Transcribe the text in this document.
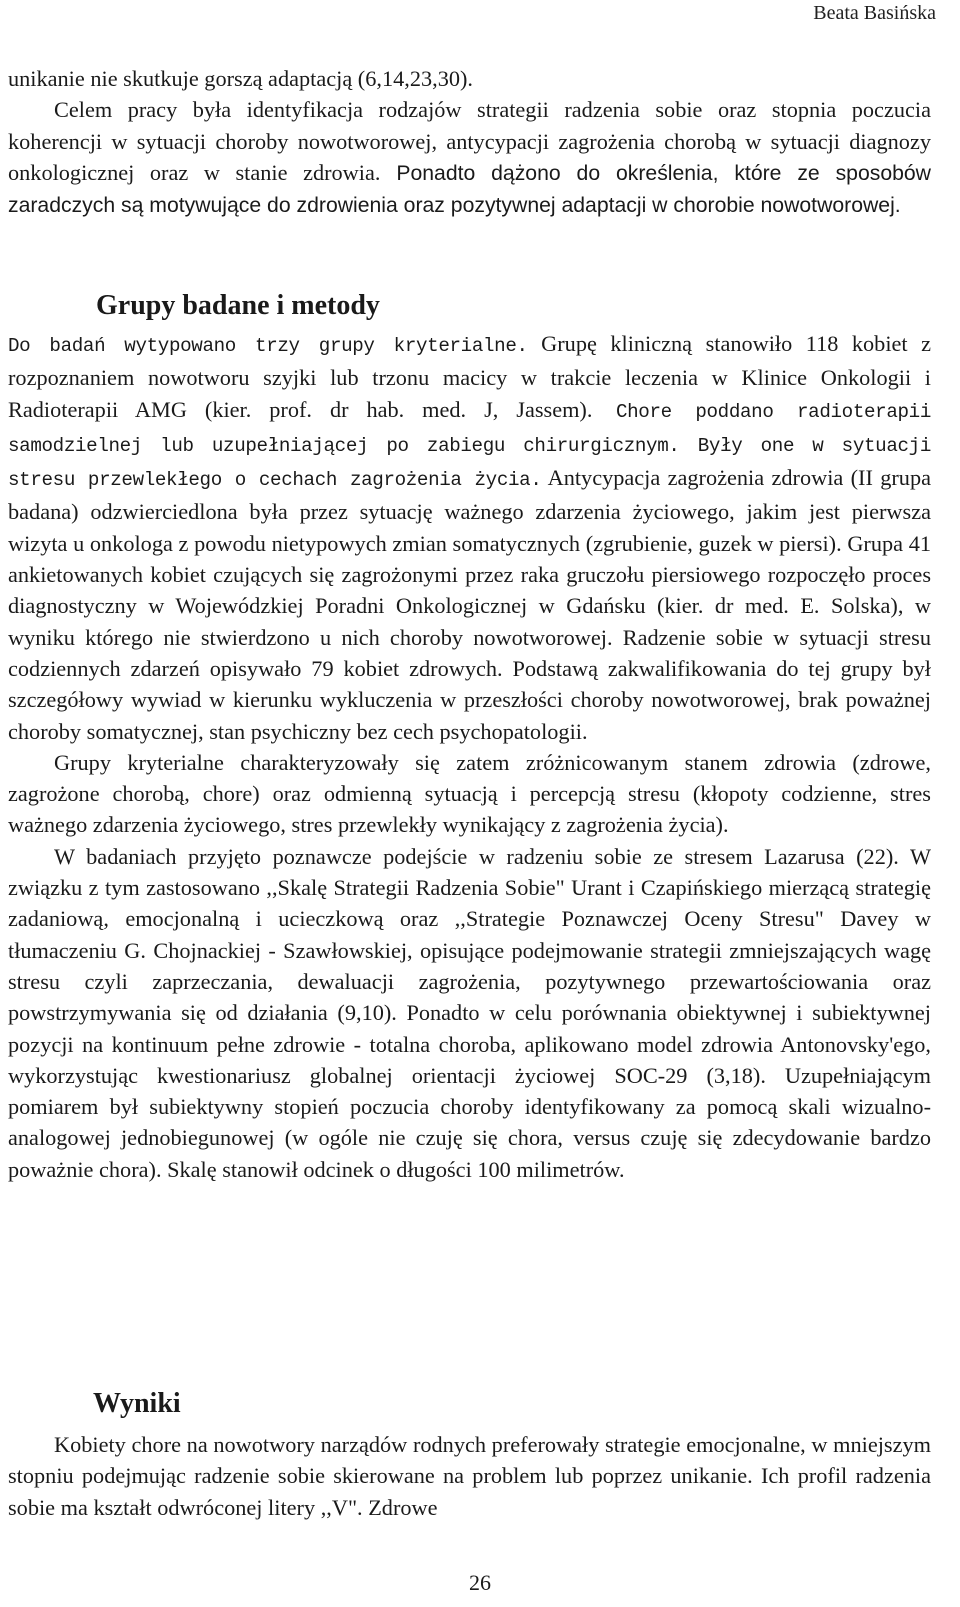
Beata Basińska

unikanie nie skutkuje gorszą adaptacją (6,14,23,30).

Celem pracy była identyfikacja rodzajów strategii radzenia sobie oraz stopnia poczucia koherencji w sytuacji choroby nowotworowej, antycypacji zagrożenia chorobą w sytuacji diagnozy onkologicznej oraz w stanie zdrowia. Ponadto dążono do określenia, które ze sposobów zaradczych są motywujące do zdrowienia oraz pozytywnej adaptacji w chorobie nowotworowej.

Grupy badane i metody

Do badań wytypowano trzy grupy kryterialne. Grupę kliniczną stanowiło 118 kobiet z rozpoznaniem nowotworu szyjki lub trzonu macicy w trakcie leczenia w Klinice Onkologii i Radioterapii AMG (kier. prof. dr hab. med. J, Jassem). Chore poddano radioterapii samodzielnej lub uzupełniającej po zabiegu chirurgicznym. Były one w sytuacji stresu przewlekłego o cechach zagrożenia życia. Antycypacja zagrożenia zdrowia (II grupa badana) odzwierciedlona była przez sytuację ważnego zdarzenia życiowego, jakim jest pierwsza wizyta u onkologa z powodu nietypowych zmian somatycznych (zgrubienie, guzek w piersi). Grupa 41 ankietowanych kobiet czujących się zagrożonymi przez raka gruczołu piersiowego rozpoczęło proces diagnostyczny w Wojewódzkiej Poradni Onkologicznej w Gdańsku (kier. dr med. E. Solska), w wyniku którego nie stwierdzono u nich choroby nowotworowej. Radzenie sobie w sytuacji stresu codziennych zdarzeń opisywało 79 kobiet zdrowych. Podstawą zakwalifikowania do tej grupy był szczegółowy wywiad w kierunku wykluczenia w przeszłości choroby nowotworowej, brak poważnej choroby somatycznej, stan psychiczny bez cech psychopatologii.

Grupy kryterialne charakteryzowały się zatem zróżnicowanym stanem zdrowia (zdrowe, zagrożone chorobą, chore) oraz odmienną sytuacją i percepcją stresu (kłopoty codzienne, stres ważnego zdarzenia życiowego, stres przewlekły wynikający z zagrożenia życia).

W badaniach przyjęto poznawcze podejście w radzeniu sobie ze stresem Lazarusa (22). W związku z tym zastosowano ,,Skalę Strategii Radzenia Sobie" Urant i Czapińskiego mierzącą strategię zadaniową, emocjonalną i ucieczkową oraz ,,Strategie Poznawczej Oceny Stresu" Davey w tłumaczeniu G. Chojnackiej - Szawłowskiej, opisujące podejmowanie strategii zmniejszających wagę stresu czyli zaprzeczania, dewaluacji zagrożenia, pozytywnego przewartościowania oraz powstrzymywania się od działania (9,10). Ponadto w celu porównania obiektywnej i subiektywnej pozycji na kontinuum pełne zdrowie - totalna choroba, aplikowano model zdrowia Antonovsky'ego, wykorzystując kwestionariusz globalnej orientacji życiowej SOC-29 (3,18). Uzupełniającym pomiarem był subiektywny stopień poczucia choroby identyfikowany za pomocą skali wizualno-analogowej jednobiegunowej (w ogóle nie czuję się chora, versus czuję się zdecydowanie bardzo poważnie chora). Skalę stanowił odcinek o długości 100 milimetrów.

Wyniki

Kobiety chore na nowotwory narządów rodnych preferowały strategie emocjonalne, w mniejszym stopniu podejmując radzenie sobie skierowane na problem lub poprzez unikanie. Ich profil radzenia sobie ma kształt odwróconej litery ,,V". Zdrowe

26
